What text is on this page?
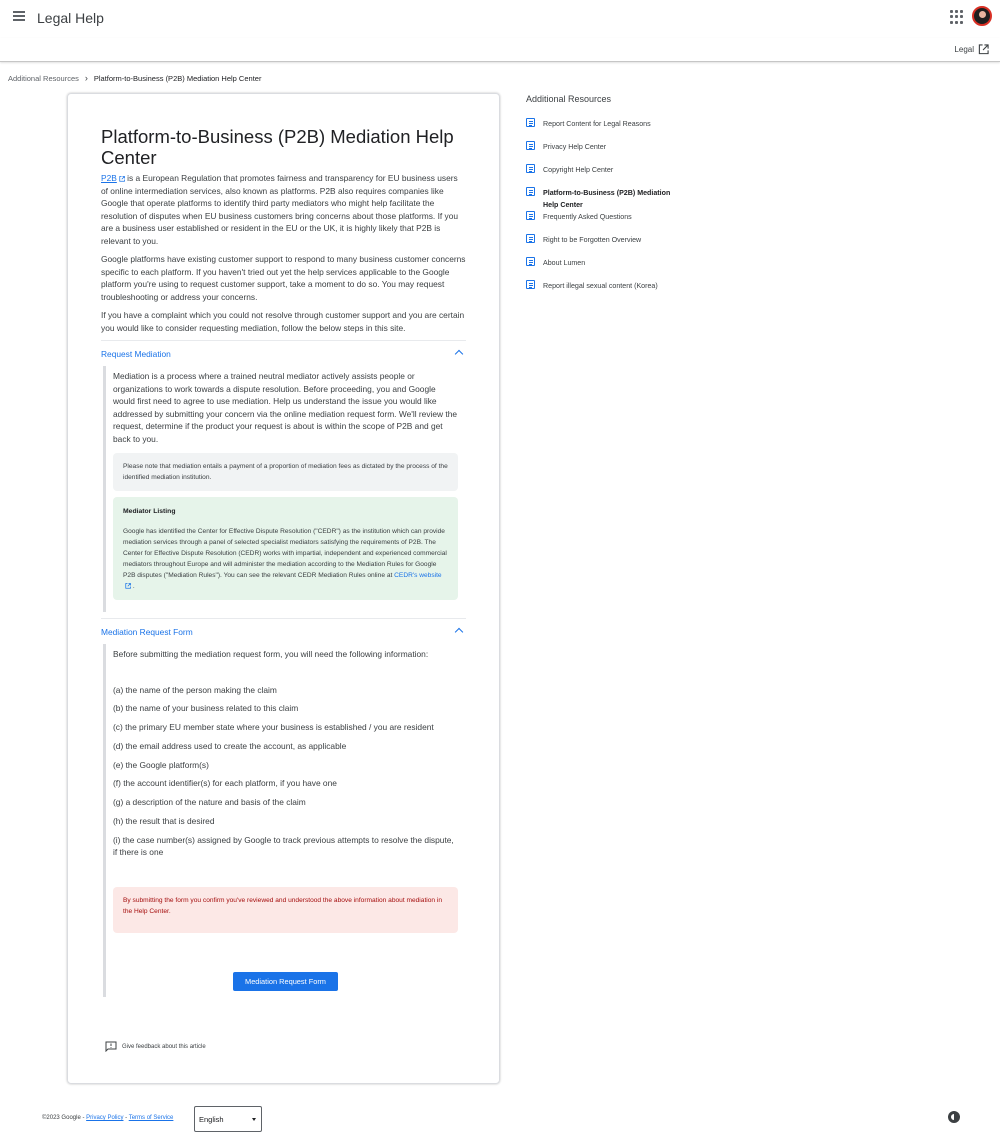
Legal Help
Legal
Additional Resources › Platform-to-Business (P2B) Mediation Help Center
Platform-to-Business (P2B) Mediation Help Center

P2B is a European Regulation that promotes fairness and transparency for EU business users of online intermediation services, also known as platforms. P2B also requires companies like Google that operate platforms to identify third party mediators who might help facilitate the resolution of disputes when EU business customers bring concerns about those platforms. If you are a business user established or resident in the EU or the UK, it is highly likely that P2B is relevant to you.

Google platforms have existing customer support to respond to many business customer concerns specific to each platform. If you haven't tried out yet the help services applicable to the Google platform you're using to request customer support, take a moment to do so. You may request troubleshooting or address your concerns.

If you have a complaint which you could not resolve through customer support and you are certain you would like to consider requesting mediation, follow the below steps in this site.

Request Mediation

Mediation is a process where a trained neutral mediator actively assists people or organizations to work towards a dispute resolution. Before proceeding, you and Google would first need to agree to use mediation. Help us understand the issue you would like addressed by submitting your concern via the online mediation request form. We'll review the request, determine if the product your request is about is within the scope of P2B and get back to you.

Please note that mediation entails a payment of a proportion of mediation fees as dictated by the process of the identified mediation institution.
Mediator Listing
Google has identified the Center for Effective Dispute Resolution ("CEDR") as the institution which can provide mediation services through a panel of selected specialist mediators satisfying the requirements of P2B. The Center for Effective Dispute Resolution (CEDR) works with impartial, independent and experienced commercial mediators throughout Europe and will administer the mediation according to the Mediation Rules for Google P2B disputes ("Mediation Rules"). You can see the relevant CEDR Mediation Rules online at CEDR's website  .
Mediation Request Form

Before submitting the mediation request form, you will need the following information:

(a) the name of the person making the claim

(b) the name of your business related to this claim

(c) the primary EU member state where your business is established / you are resident

(d) the email address used to create the account, as applicable

(e) the Google platform(s)

(f) the account identifier(s) for each platform, if you have one

(g) a description of the nature and basis of the claim

(h) the result that is desired

(i) the case number(s) assigned by Google to track previous attempts to resolve the dispute, if there is one

By submitting the form you confirm you've reviewed and understood the above information about mediation in the Help Center.
Mediation Request Form
Give feedback about this article
Additional Resources
Report Content for Legal Reasons
Privacy Help Center
Copyright Help Center
Platform-to-Business (P2B) Mediation Help Center
Frequently Asked Questions
Right to be Forgotten Overview
About Lumen
Report illegal sexual content (Korea)
©2023 Google - Privacy Policy - Terms of Service	English
